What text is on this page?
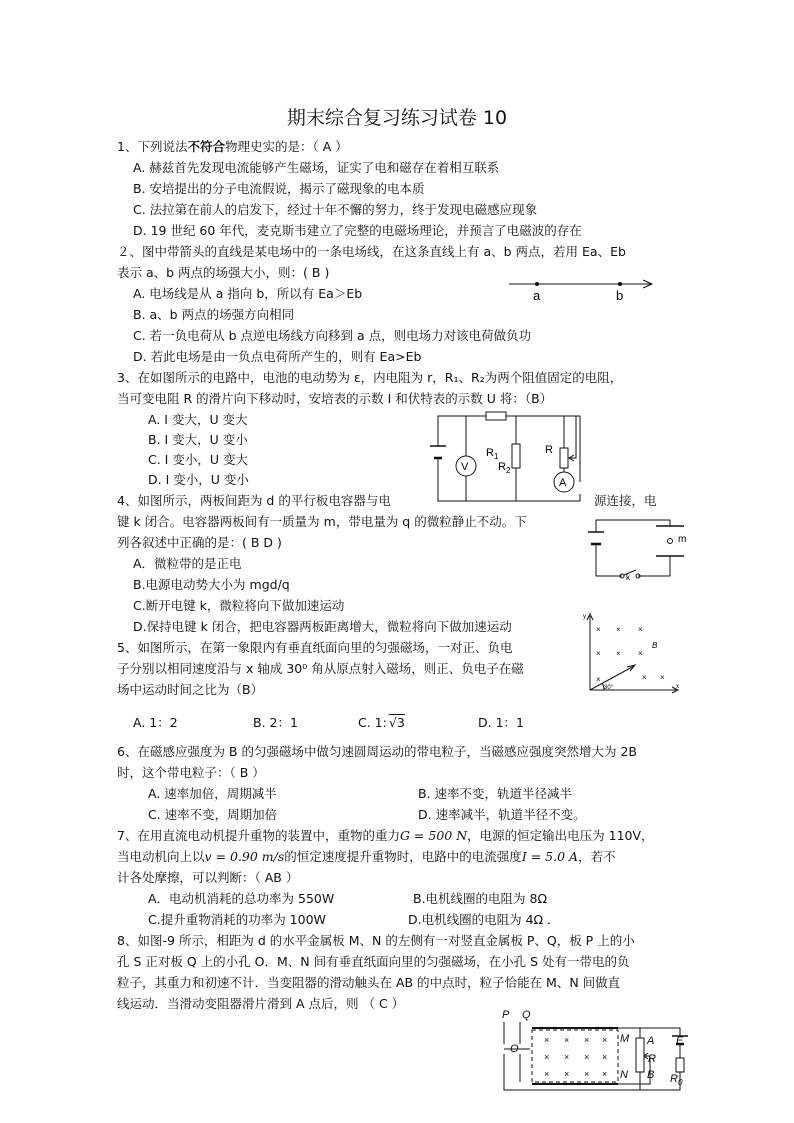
期末综合复习练习试卷 10
1、下列说法不符合物理史实的是：（ A ）
A. 赫兹首先发现电流能够产生磁场，证实了电和磁存在着相互联系
B. 安培提出的分子电流假说，揭示了磁现象的电本质
C. 法拉第在前人的启发下，经过十年不懈的努力，终于发现电磁感应现象
D. 19 世纪 60 年代，麦克斯韦建立了完整的电磁场理论，并预言了电磁波的存在
２、图中带箭头的直线是某电场中的一条电场线，在这条直线上有 a、b 两点，若用 Ea、Eb
表示 a、b 两点的场强大小，则：( B )
A. 电场线是从 a 指向 b，所以有 Ea＞Eb
B. a、b 两点的场强方向相同
C. 若一负电荷从 b 点逆电场线方向移到 a 点，则电场力对该电荷做负功
D. 若此电场是由一负点电荷所产生的，则有 Ea>Eb
a	b
3、在如图所示的电路中，电池的电动势为 ε，内电阻为 r，R₁、R₂为两个阻值固定的电阻，
当可变电阻 R 的滑片向下移动时，安培表的示数 I 和伏特表的示数 U 将：（B）
A. I 变大，U 变大
B. I 变大，U 变小
C. I 变小，U 变大
D. I 变小，U 变小
V
A
$R_1$
$R_2$
R
4、如图所示，两板间距为 d 的平行板电容器与电	源连接，电
键 k 闭合。电容器两板间有一质量为 m，带电量为 q 的微粒静止不动。下
列各叙述中正确的是：( B D )
A．微粒带的是正电
B.电源电动势大小为 mgd/q
C.断开电键 k，微粒将向下做加速运动
D.保持电键 k 闭合，把电容器两板距离增大，微粒将向下做加速运动
m
k
5、如图所示，在第一象限内有垂直纸面向里的匀强磁场，一对正、负电
子分别以相同速度沿与 x 轴成 30⁰ 角从原点射入磁场，则正、负电子在磁
场中运动时间之比为（B）
A. 1：2	B. 2：1	C. 1: √3	D. 1：1
× × ×
× × ×
×	× ×
y
x
B
30°
6、在磁感应强度为 B 的匀强磁场中做匀速圆周运动的带电粒子，当磁感应强度突然增大为 2B
时，这个带电粒子：（ B ）
A. 速率加倍，周期减半	B. 速率不变，轨道半径减半
C. 速率不变，周期加倍	D. 速率减半，轨道半径不变。
7、在用直流电动机提升重物的装置中，重物的重力G = 500 N，电源的恒定输出电压为 110V，
当电动机向上以v = 0.90 m/s的恒定速度提升重物时，电路中的电流强度I = 5.0 A，若不
计各处摩擦，可以判断：（ AB ）
A．电动机消耗的总功率为 550W	B.电机线圈的电阻为 8Ω
C.提升重物消耗的功率为 100W	D.电机线圈的电阻为 4Ω ．
8、如图-9 所示，相距为 d 的水平金属板 M、N 的左侧有一对竖直金属板 P、Q，板 P 上的小
孔 S 正对板 Q 上的小孔 O．M、N 间有垂直纸面向里的匀强磁场，在小孔 S 处有一带电的负
粒子，其重力和初速不计．当变阻器的滑动触头在 AB 的中点时，粒子恰能在 M、N 间做直
线运动．当滑动变阻器滑片滑到 A 点后，则 （ C ）
× × × ×
× × × ×
× × × ×
P Q
O
M
N
A
B
R
E
$R_0$
